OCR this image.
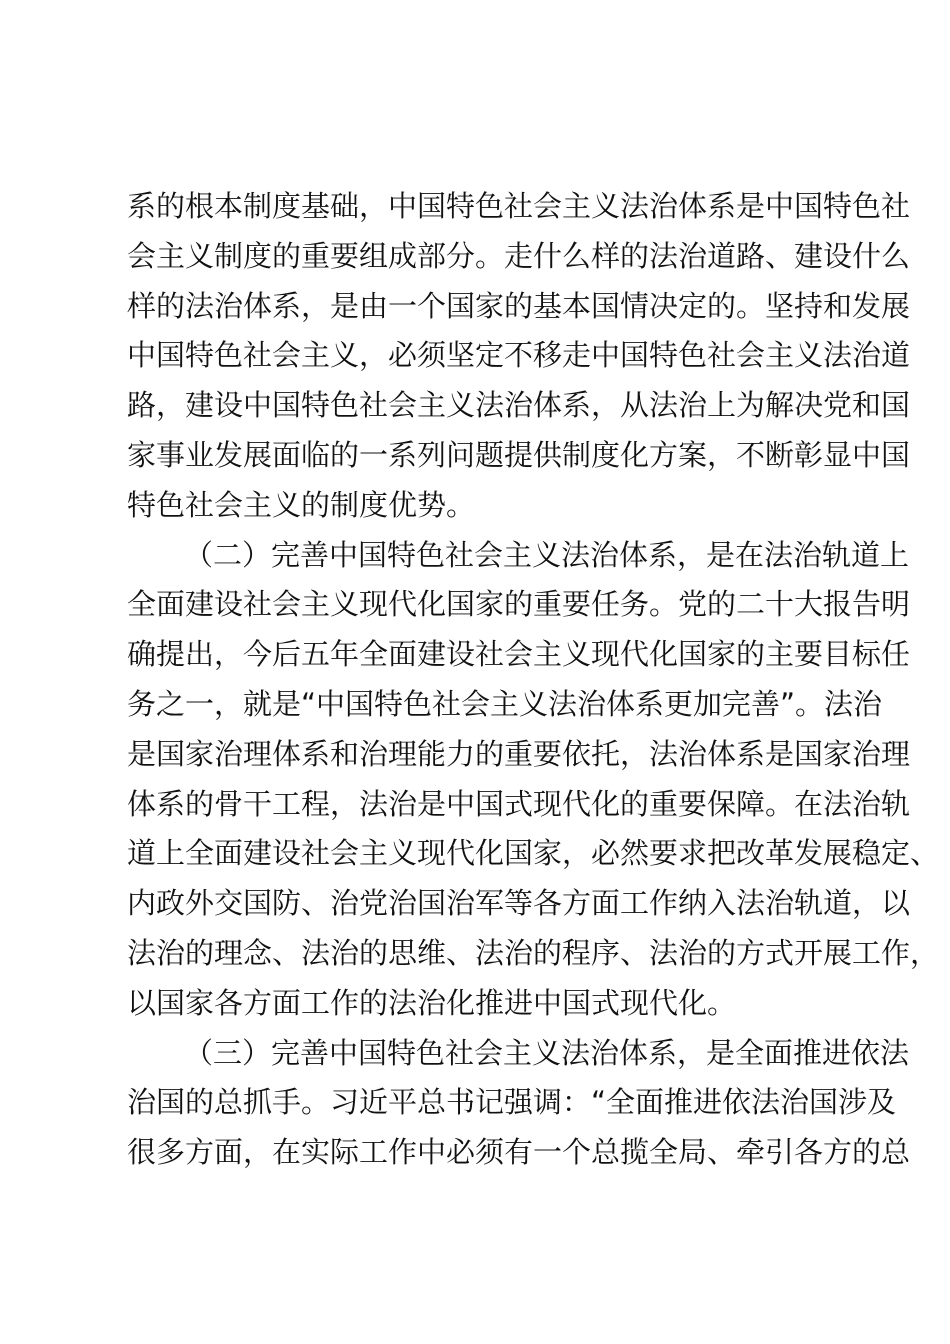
系的根本制度基础，中国特色社会主义法治体系是中国特色社
会主义制度的重要组成部分。走什么样的法治道路、建设什么
样的法治体系，是由一个国家的基本国情决定的。坚持和发展
中国特色社会主义，必须坚定不移走中国特色社会主义法治道
路，建设中国特色社会主义法治体系，从法治上为解决党和国
家事业发展面临的一系列问题提供制度化方案，不断彰显中国
特色社会主义的制度优势。
（二）完善中国特色社会主义法治体系，是在法治轨道上
全面建设社会主义现代化国家的重要任务。党的二十大报告明
确提出，今后五年全面建设社会主义现代化国家的主要目标任
务之一，就是“中国特色社会主义法治体系更加完善”。法治
是国家治理体系和治理能力的重要依托，法治体系是国家治理
体系的骨干工程，法治是中国式现代化的重要保障。在法治轨
道上全面建设社会主义现代化国家，必然要求把改革发展稳定、
内政外交国防、治党治国治军等各方面工作纳入法治轨道，以
法治的理念、法治的思维、法治的程序、法治的方式开展工作，
以国家各方面工作的法治化推进中国式现代化。
（三）完善中国特色社会主义法治体系，是全面推进依法
治国的总抓手。习近平总书记强调：“全面推进依法治国涉及
很多方面，在实际工作中必须有一个总揽全局、牵引各方的总
